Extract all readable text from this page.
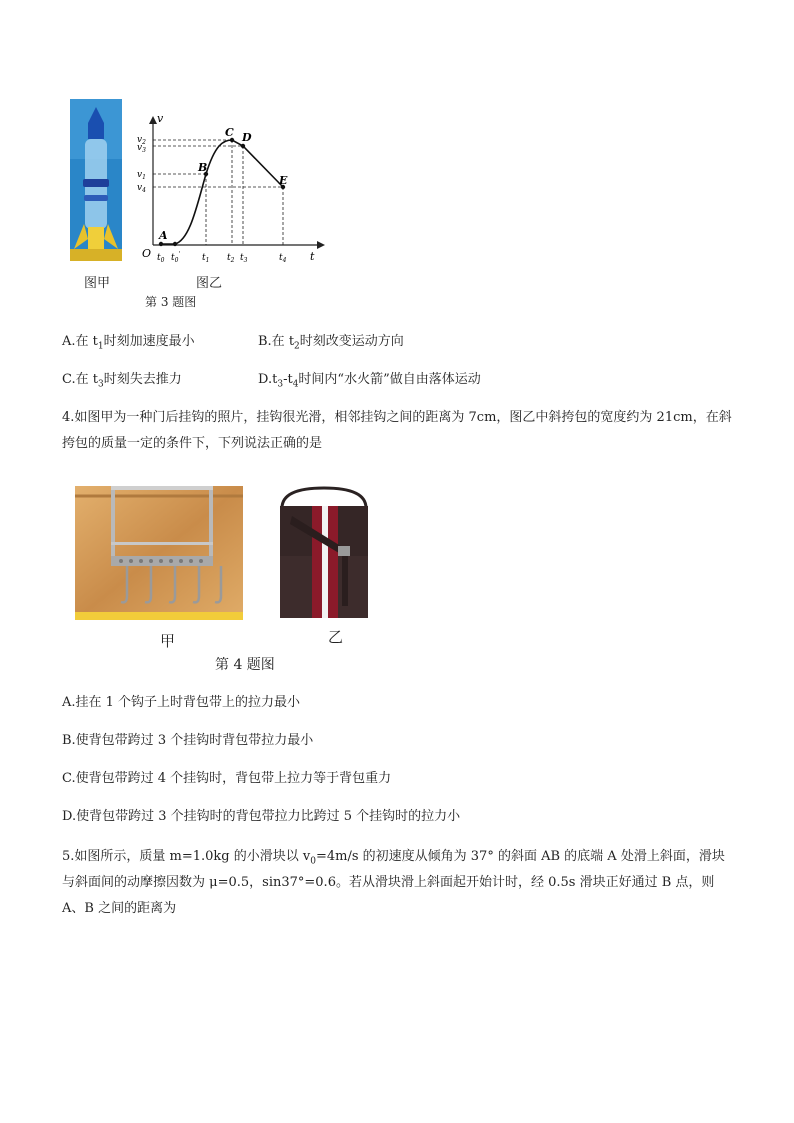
图甲
v
t
O
A
B
C D
E
$v_2$
$v_3$
$v_1$
$v_4$
$t_0$ $t_0'$ $t_1$ $t_2$ $t_3$	$t_4$
图乙
第 3 题图
A.在 $t_1$时刻加速度最小	B.在 $t_2$时刻改变运动方向
C.在 $t_3$时刻失去推力	$D.t_3-t_4$时间内“水火箭”做自由落体运动
4.如图甲为一种门后挂钩的照片，挂钩很光滑，相邻挂钩之间的距离为 7cm，图乙中斜挎包的宽度约为 21cm，在斜挎包的质量一定的条件下，下列说法正确的是
甲	乙
第 4 题图
A.挂在 1 个钩子上时背包带上的拉力最小
B.使背包带跨过 3 个挂钩时背包带拉力最小
C.使背包带跨过 4 个挂钩时，背包带上拉力等于背包重力
D.使背包带跨过 3 个挂钩时的背包带拉力比跨过 5 个挂钩时的拉力小
5.如图所示，质量 m=1.0kg 的小滑块以 $v_0=4m/s$ 的初速度从倾角为 37° 的斜面 AB 的底端 A 处滑上斜面，滑块与斜面间的动摩擦因数为 μ=0.5，sin37°=0.6。若从滑块滑上斜面起开始计时，经 0.5s 滑块正好通过 B 点，则 A、B 之间的距离为
